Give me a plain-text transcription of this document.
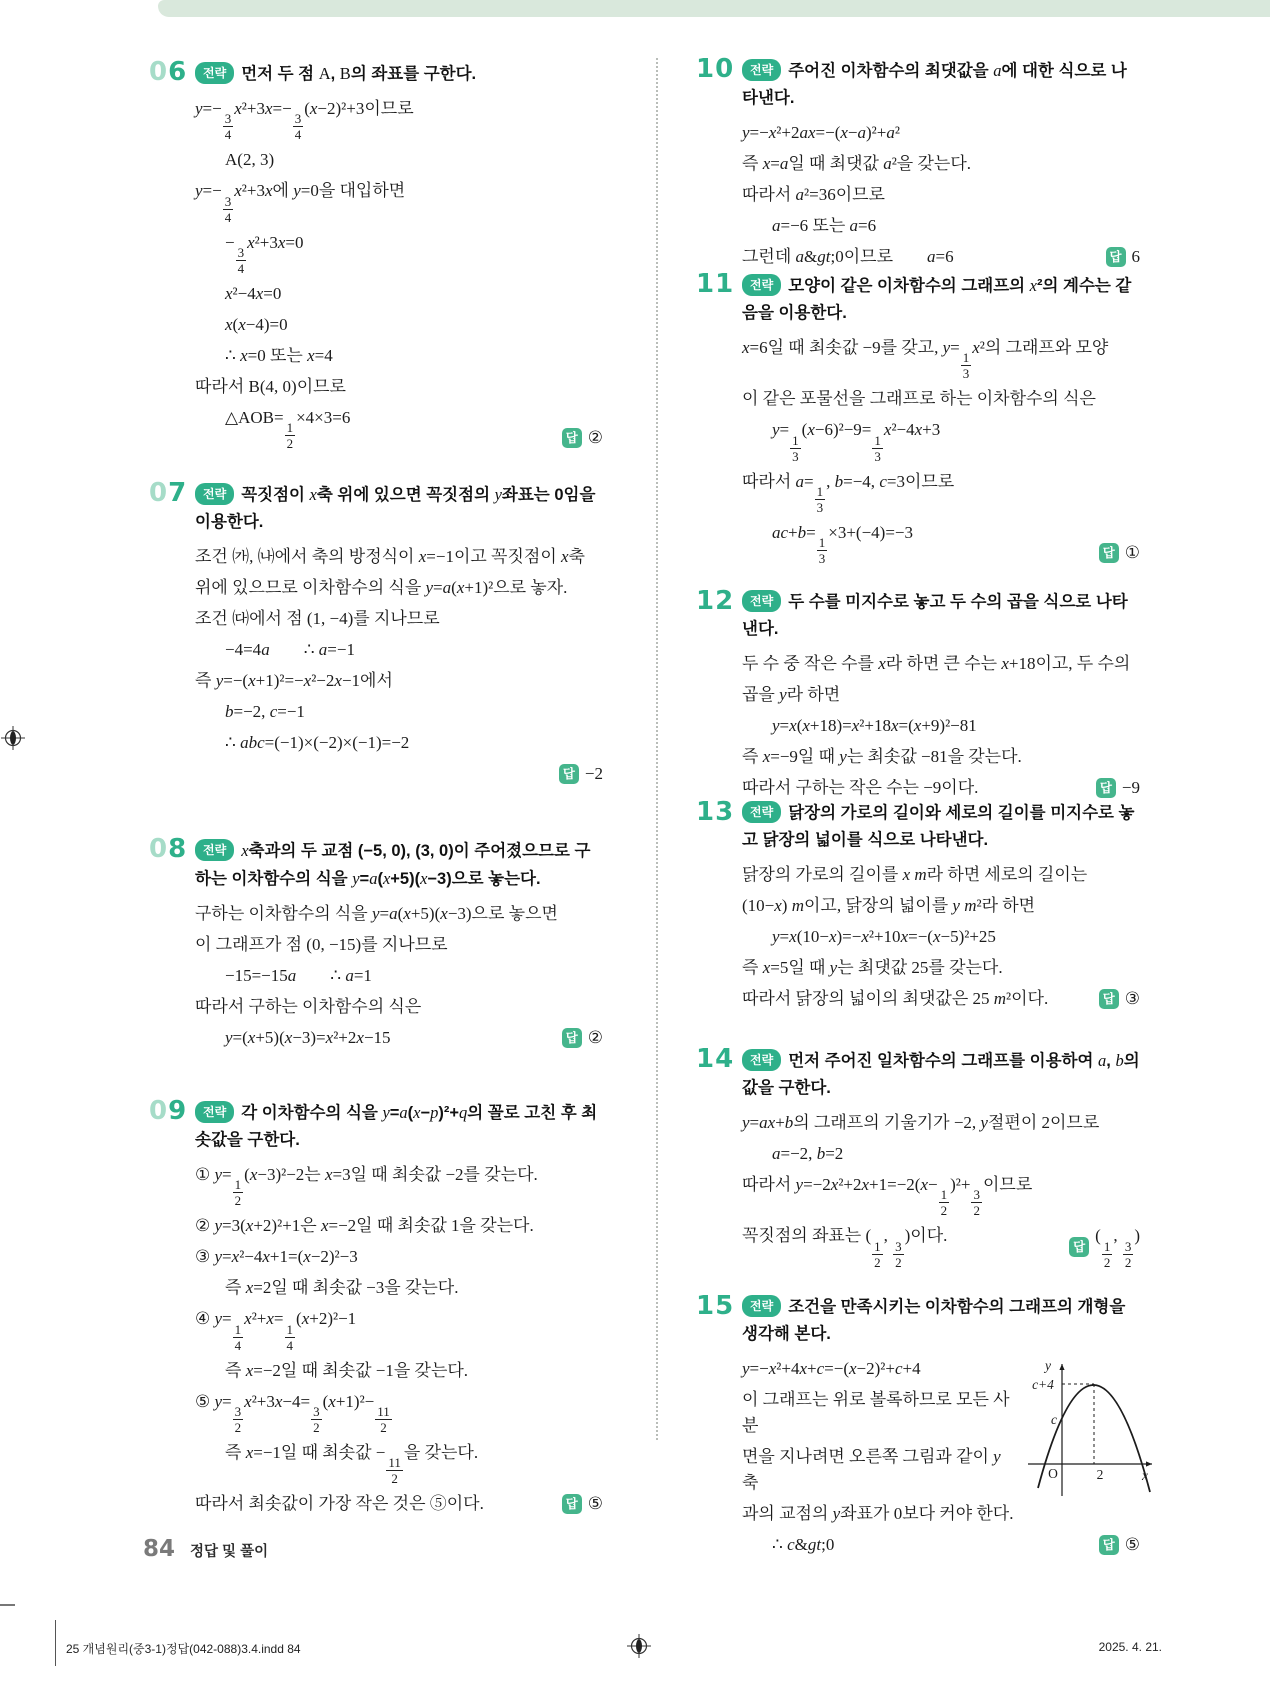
06 전략 먼저 두 점 A, B의 좌표를 구한다.
y=−
$\frac{3}{4}$
x²+3x=−
$\frac{3}{4}$
(x−2)²+3이므로
A(2, 3)
y=−
$\frac{3}{4}$
x²+3x에 y=0을 대입하면
−
$\frac{3}{4}$
x²+3x=0
x²−4x=0
x(x−4)=0
∴ x=0 또는 x=4
따라서 B(4, 0)이므로
△AOB=
$\frac{1}{2}$
×4×3=6
답 ②
07 전략 꼭짓점이 x축 위에 있으면 꼭짓점의 y좌표는 0임을 이용한다.
조건 ㈎, ㈏에서 축의 방정식이 x=−1이고 꼭짓점이 x축
위에 있으므로 이차함수의 식을 y=a(x+1)²으로 놓자.
조건 ㈐에서 점 (1, −4)를 지나므로
−4=4a  ∴ a=−1
즉 y=−(x+1)²=−x²−2x−1에서
b=−2, c=−1
∴ abc=(−1)×(−2)×(−1)=−2
답 −2
08 전략 x축과의 두 교점 (−5, 0), (3, 0)이 주어졌으므로 구하는 이차함수의 식을 y=a(x+5)(x−3)으로 놓는다.
구하는 이차함수의 식을 y=a(x+5)(x−3)으로 놓으면
이 그래프가 점 (0, −15)를 지나므로
−15=−15a  ∴ a=1
따라서 구하는 이차함수의 식은
y=(x+5)(x−3)=x²+2x−15	답 ②
09 전략 각 이차함수의 식을 y=a(x−p)²+q의 꼴로 고친 후 최솟값을 구한다.
① y=
$\frac{1}{2}$
(x−3)²−2는 x=3일 때 최솟값 −2를 갖는다.
② y=3(x+2)²+1은 x=−2일 때 최솟값 1을 갖는다.
③ y=x²−4x+1=(x−2)²−3
즉 x=2일 때 최솟값 −3을 갖는다.
④ y=
$\frac{1}{4}$
x²+x=
$\frac{1}{4}$
(x+2)²−1
즉 x=−2일 때 최솟값 −1을 갖는다.
⑤ y=
$\frac{3}{2}$
x²+3x−4=
$\frac{3}{2}$
(x+1)²−
$\frac{11}{2}$
즉 x=−1일 때 최솟값 −
$\frac{11}{2}$
을 갖는다.
따라서 최솟값이 가장 작은 것은 ⑤이다.	답 ⑤
10 전략 주어진 이차함수의 최댓값을 a에 대한 식으로 나타낸다.
y=−x²+2ax=−(x−a)²+a²
즉 x=a일 때 최댓값 a²을 갖는다.
따라서 a²=36이므로
a=−6 또는 a=6
그런데 a&gt;0이므로  a=6	답 6
11 전략 모양이 같은 이차함수의 그래프의 x²의 계수는 같음을 이용한다.
x=6일 때 최솟값 −9를 갖고, y=
$\frac{1}{3}$
x²의 그래프와 모양
이 같은 포물선을 그래프로 하는 이차함수의 식은
y=
$\frac{1}{3}$
(x−6)²−9=
$\frac{1}{3}$
x²−4x+3
따라서 a=
$\frac{1}{3}$
, b=−4, c=3이므로
ac+b=
$\frac{1}{3}$
×3+(−4)=−3
답 ①
12 전략 두 수를 미지수로 놓고 두 수의 곱을 식으로 나타낸다.
두 수 중 작은 수를 x라 하면 큰 수는 x+18이고, 두 수의
곱을 y라 하면
y=x(x+18)=x²+18x=(x+9)²−81
즉 x=−9일 때 y는 최솟값 −81을 갖는다.
따라서 구하는 작은 수는 −9이다.	답 −9
13 전략 닭장의 가로의 길이와 세로의 길이를 미지수로 놓고 닭장의 넓이를 식으로 나타낸다.
닭장의 가로의 길이를 x m라 하면 세로의 길이는
(10−x) m이고, 닭장의 넓이를 y m²라 하면
y=x(10−x)=−x²+10x=−(x−5)²+25
즉 x=5일 때 y는 최댓값 25를 갖는다.
따라서 닭장의 넓이의 최댓값은 25 m²이다.	답 ③
14 전략 먼저 주어진 일차함수의 그래프를 이용하여 a, b의 값을 구한다.
y=ax+b의 그래프의 기울기가 −2, y절편이 2이므로
a=−2, b=2
따라서 y=−2x²+2x+1=−2(x−
$\frac{1}{2}$
)²+
$\frac{3}{2}$
이므로
꼭짓점의 좌표는 (
$\frac{1}{2}$
,
$\frac{3}{2}$
)이다.
답
(
$\frac{1}{2}$
,
$\frac{3}{2}$
)
15 전략 조건을 만족시키는 이차함수의 그래프의 개형을 생각해 본다.
y=−x²+4x+c=−(x−2)²+c+4
이 그래프는 위로 볼록하므로 모든 사분
면을 지나려면 오른쪽 그림과 같이 y축
과의 교점의 y좌표가 0보다 커야 한다.
∴ c&gt;0	답 ⑤
y
x
O	2
c
c+4
84 정답 및 풀이
25 개념원리(중3-1)정답(042-088)3.4.indd 84	2025. 4. 21.
